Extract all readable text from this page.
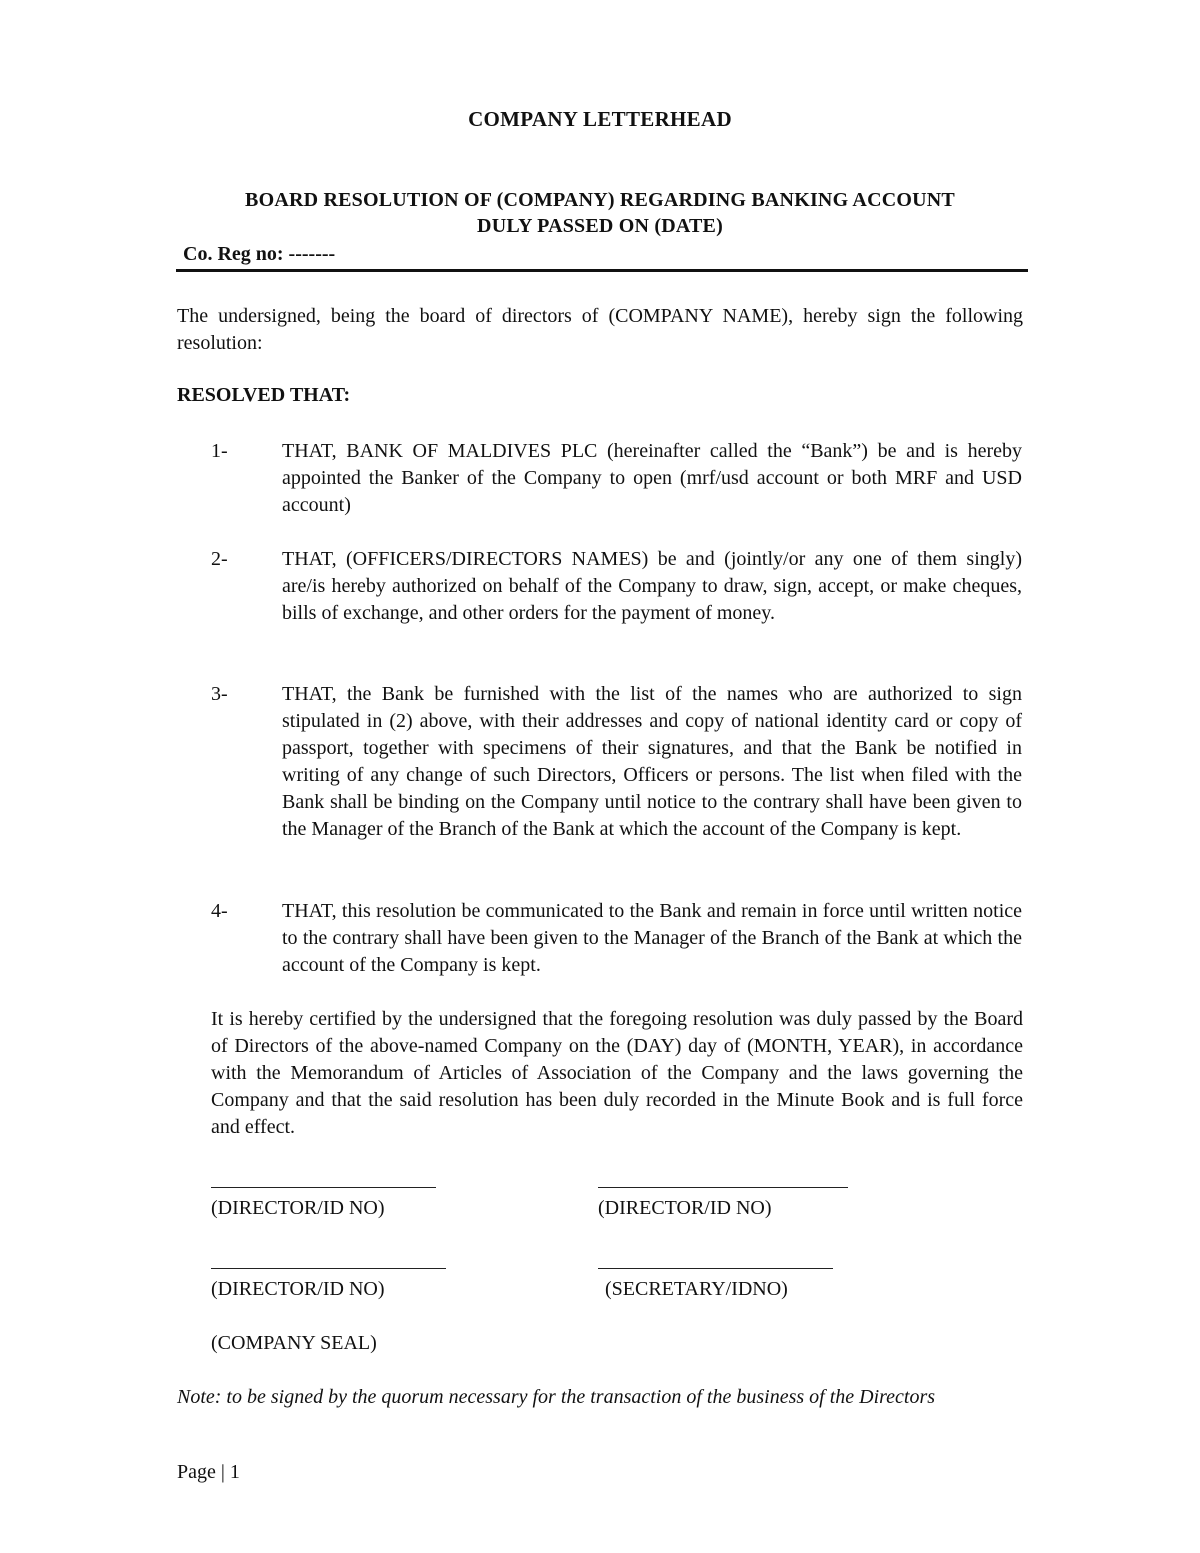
COMPANY LETTERHEAD
BOARD RESOLUTION OF (COMPANY) REGARDING BANKING ACCOUNT
DULY PASSED ON (DATE)
Co. Reg no: -------
The undersigned, being the board of directors of (COMPANY NAME), hereby sign the following resolution:
RESOLVED THAT:
1-	THAT, BANK OF MALDIVES PLC (hereinafter called the “Bank”) be and is hereby appointed the Banker of the Company to open (mrf/usd account or both MRF and USD account)
2-	THAT, (OFFICERS/DIRECTORS NAMES) be and (jointly/or any one of them singly) are/is hereby authorized on behalf of the Company to draw, sign, accept, or make cheques, bills of exchange, and other orders for the payment of money.
3-	THAT, the Bank be furnished with the list of the names who are authorized to sign stipulated in (2) above, with their addresses and copy of national identity card or copy of passport, together with specimens of their signatures, and that the Bank be notified in writing of any change of such Directors, Officers or persons. The list when filed with the Bank shall be binding on the Company until notice to the contrary shall have been given to the Manager of the Branch of the Bank at which the account of the Company is kept.
4-	THAT, this resolution be communicated to the Bank and remain in force until written notice to the contrary shall have been given to the Manager of the Branch of the Bank at which the account of the Company is kept.
It is hereby certified by the undersigned that the foregoing resolution was duly passed by the Board of Directors of the above-named Company on the (DAY) day of (MONTH, YEAR), in accordance with the Memorandum of Articles of Association of the Company and the laws governing the Company and that the said resolution has been duly recorded in the Minute Book and is full force and effect.
(DIRECTOR/ID NO)	(DIRECTOR/ID NO)
(DIRECTOR/ID NO)	(SECRETARY/IDNO)
(COMPANY SEAL)
Note: to be signed by the quorum necessary for the transaction of the business of the Directors
Page | 1
